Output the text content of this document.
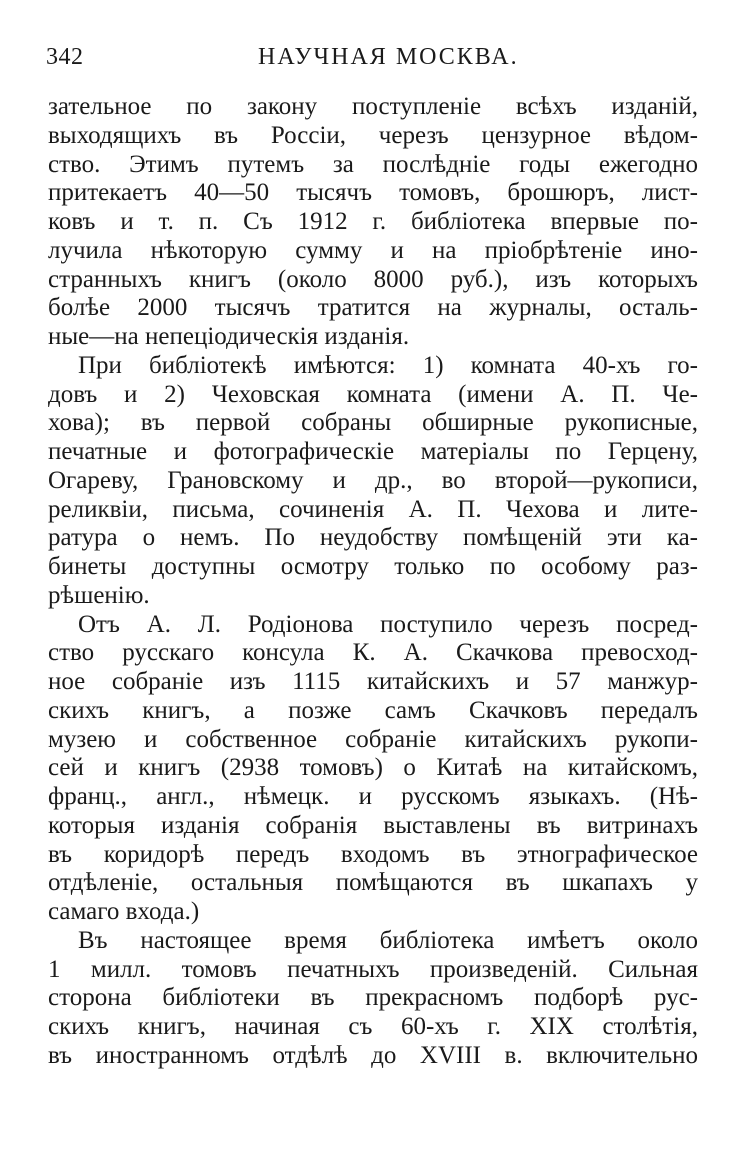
342	НАУЧНАЯ МОСКВА.
зательное по закону поступленіе всѣхъ изданій,
выходящихъ въ Россіи, черезъ цензурное вѣдом-
ство. Этимъ путемъ за послѣдніе годы ежегодно
притекаетъ 40—50 тысячъ томовъ, брошюръ, лист-
ковъ и т. п. Съ 1912 г. библіотека впервые по-
лучила нѣкоторую сумму и на пріобрѣтеніе ино-
странныхъ книгъ (около 8000 руб.), изъ которыхъ
болѣе 2000 тысячъ тратится на журналы, осталь-
ные—на непеціодическія изданія.
При библіотекѣ имѣются: 1) комната 40-хъ го-
довъ и 2) Чеховская комната (имени А. П. Че-
хова); въ первой собраны обширные рукописные,
печатные и фотографическіе матеріалы по Герцену,
Огареву, Грановскому и др., во второй—рукописи,
реликвіи, письма, сочиненія А. П. Чехова и лите-
ратура о немъ. По неудобству помѣщеній эти ка-
бинеты доступны осмотру только по особому раз-
рѣшенію.
Отъ А. Л. Родіонова поступило черезъ посред-
ство русскаго консула К. А. Скачкова превосход-
ное собраніе изъ 1115 китайскихъ и 57 манжур-
скихъ книгъ, а позже самъ Скачковъ передалъ
музею и собственное собраніе китайскихъ рукопи-
сей и книгъ (2938 томовъ) о Китаѣ на китайскомъ,
франц., англ., нѣмецк. и русскомъ языкахъ. (Нѣ-
которыя изданія собранія выставлены въ витринахъ
въ коридорѣ передъ входомъ въ этнографическое
отдѣленіе, остальныя помѣщаются въ шкапахъ у
самаго входа.)
Въ настоящее время библіотека имѣетъ около
1 милл. томовъ печатныхъ произведеній. Сильная
сторона библіотеки въ прекрасномъ подборѣ рус-
скихъ книгъ, начиная съ 60-хъ г. XIX столѣтія,
въ иностранномъ отдѣлѣ до XVIII в. включительно
